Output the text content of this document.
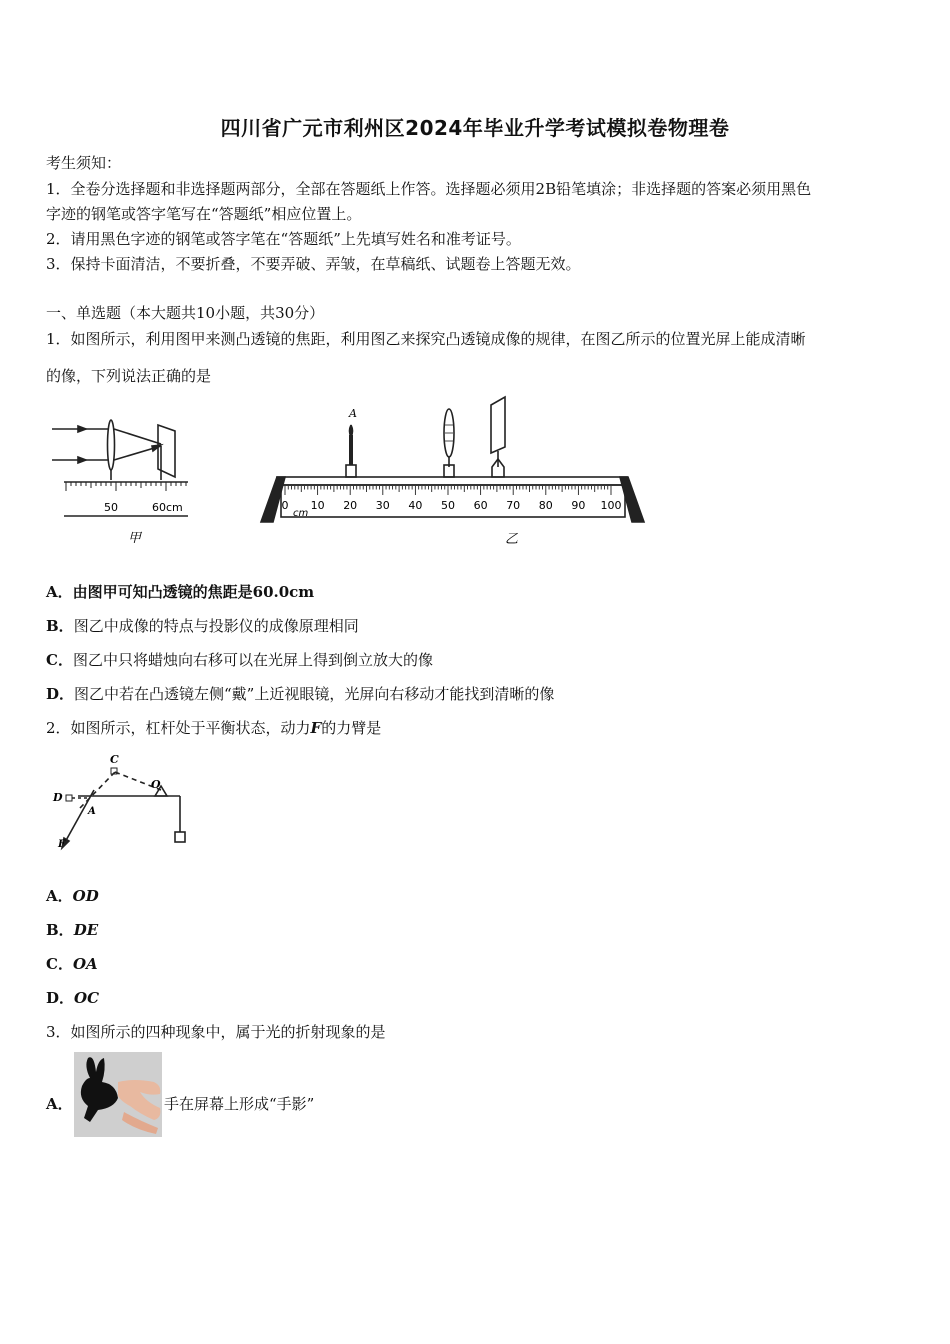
四川省广元市利州区2024年毕业升学考试模拟卷物理卷
考生须知：
1．全卷分选择题和非选择题两部分，全部在答题纸上作答。选择题必须用2B铅笔填涂；非选择题的答案必须用黑色
字迹的钢笔或答字笔写在“答题纸”相应位置上。
2．请用黑色字迹的钢笔或答字笔在“答题纸”上先填写姓名和准考证号。
3．保持卡面清洁，不要折叠，不要弄破、弄皱，在草稿纸、试题卷上答题无效。
一、单选题（本大题共10小题，共30分）
1．如图所示，利用图甲来测凸透镜的焦距，利用图乙来探究凸透镜成像的规律，在图乙所示的位置光屏上能成清晰
的像，下列说法正确的是
50	60cm
甲
A
cm
0 10 20 30 40 50 60 70 80 90 100
乙
A．由图甲可知凸透镜的焦距是60.0cm
B．图乙中成像的特点与投影仪的成像原理相同
C．图乙中只将蜡烛向右移可以在光屏上得到倒立放大的像
D．图乙中若在凸透镜左侧“戴”上近视眼镜，光屏向右移动才能找到清晰的像
2．如图所示，杠杆处于平衡状态，动力F的力臂是
C
D
O
A
F
A．OD
B．DE
C．OA
D．OC
3．如图所示的四种现象中，属于光的折射现象的是
A．	手在屏幕上形成“手影”
